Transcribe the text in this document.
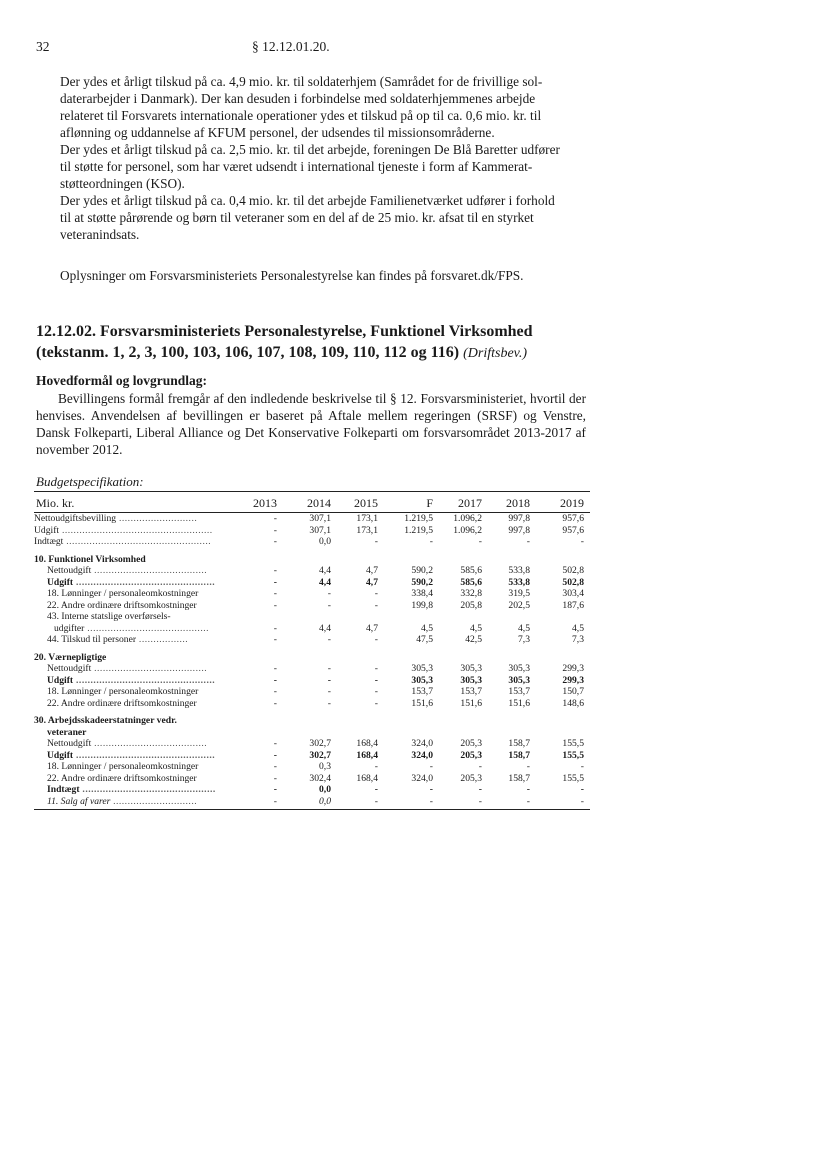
32	§ 12.12.01.20.

Der ydes et årligt tilskud på ca. 4,9 mio. kr. til soldaterhjem (Samrådet for de frivillige sol-

daterarbejder i Danmark). Der kan desuden i forbindelse med soldaterhjemmenes arbejde

relateret til Forsvarets internationale operationer ydes et tilskud på op til ca. 0,6 mio. kr. til

aflønning og uddannelse af KFUM personel, der udsendes til missionsområderne.

Der ydes et årligt tilskud på ca. 2,5 mio. kr. til det arbejde, foreningen De Blå Baretter udfører

til støtte for personel, som har været udsendt i international tjeneste i form af Kammerat-

støtteordningen (KSO).

Der ydes et årligt tilskud på ca. 0,4 mio. kr. til det arbejde Familienetværket udfører i forhold

til at støtte pårørende og børn til veteraner som en del af de 25 mio. kr. afsat til en styrket

veteranindsats.

Oplysninger om Forsvarsministeriets Personalestyrelse kan findes på forsvaret.dk/FPS.
12.12.02. Forsvarsministeriets Personalestyrelse, Funktionel Virksomhed (tekstanm. 1, 2, 3, 100, 103, 106, 107, 108, 109, 110, 112 og 116) (Driftsbev.)
Hovedformål og lovgrundlag:
Bevillingens formål fremgår af den indledende beskrivelse til § 12. Forsvarsministeriet, hvortil der henvises. Anvendelsen af bevillingen er baseret på Aftale mellem regeringen (SRSF) og Venstre, Dansk Folkeparti, Liberal Alliance og Det Konservative Folkeparti om forsvarsområdet 2013-2017 af november 2012.
Budgetspecifikation:
Mio. kr.	2013	2014	2015	F	2017	2018	2019
Nettoudgiftsbevilling ...........................	-	307,1	173,1	1.219,5	1.096,2	997,8	957,6
Udgift ....................................................	-	307,1	173,1	1.219,5	1.096,2	997,8	957,6
Indtægt ..................................................	-	0,0	-	-	-	-	-
10. Funktionel Virksomhed
Nettoudgift .......................................	-	4,4	4,7	590,2	585,6	533,8	502,8
Udgift ................................................	-	4,4	4,7	590,2	585,6	533,8	502,8
18. Lønninger / personaleomkostninger	-	-	-	338,4	332,8	319,5	303,4
22. Andre ordinære driftsomkostninger	-	-	-	199,8	205,8	202,5	187,6
43. Interne statslige overførsels-
udgifter ..........................................	-	4,4	4,7	4,5	4,5	4,5	4,5
44. Tilskud til personer .................	-	-	-	47,5	42,5	7,3	7,3
20. Værnepligtige
Nettoudgift .......................................	-	-	-	305,3	305,3	305,3	299,3
Udgift ................................................	-	-	-	305,3	305,3	305,3	299,3
18. Lønninger / personaleomkostninger	-	-	-	153,7	153,7	153,7	150,7
22. Andre ordinære driftsomkostninger	-	-	-	151,6	151,6	151,6	148,6
30. Arbejdsskadeerstatninger vedr.
veteraner
Nettoudgift .......................................	-	302,7	168,4	324,0	205,3	158,7	155,5
Udgift ................................................	-	302,7	168,4	324,0	205,3	158,7	155,5
18. Lønninger / personaleomkostninger	-	0,3	-	-	-	-	-
22. Andre ordinære driftsomkostninger	-	302,4	168,4	324,0	205,3	158,7	155,5
Indtægt ..............................................	-	0,0	-	-	-	-	-
11. Salg af varer .............................	-	0,0	-	-	-	-	-
